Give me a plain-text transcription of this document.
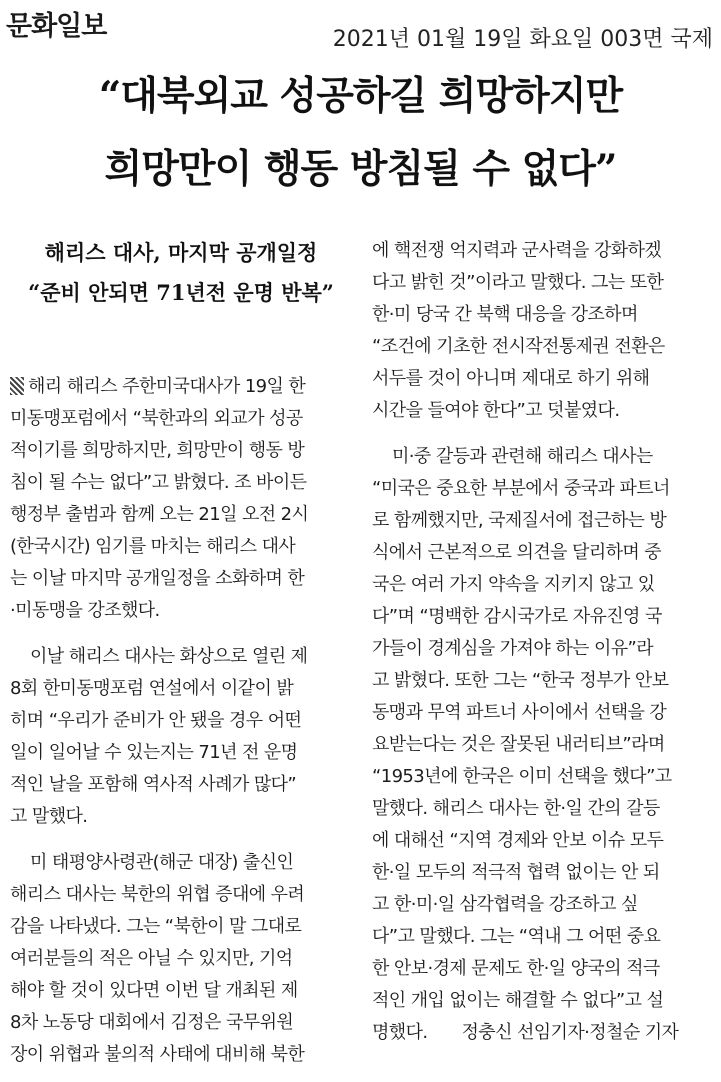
문화일보	2021년 01월 19일 화요일 003면 국제
“대북외교 성공하길 희망하지만
희망만이 행동 방침될 수 없다”
해리스 대사, 마지막 공개일정
“준비 안되면 71년전 운명 반복”
해리 해리스 주한미국대사가 19일 한
미동맹포럼에서 “북한과의 외교가 성공
적이기를 희망하지만, 희망만이 행동 방
침이 될 수는 없다”고 밝혔다. 조 바이든
행정부 출범과 함께 오는 21일 오전 2시
(한국시간) 임기를 마치는 해리스 대사
는 이날 마지막 공개일정을 소화하며 한
·미동맹을 강조했다.
이날 해리스 대사는 화상으로 열린 제
8회 한미동맹포럼 연설에서 이같이 밝
히며 “우리가 준비가 안 됐을 경우 어떤
일이 일어날 수 있는지는 71년 전 운명
적인 날을 포함해 역사적 사례가 많다”
고 말했다.
미 태평양사령관(해군 대장) 출신인
해리스 대사는 북한의 위협 증대에 우려
감을 나타냈다. 그는 “북한이 말 그대로
여러분들의 적은 아닐 수 있지만, 기억
해야 할 것이 있다면 이번 달 개최된 제
8차 노동당 대회에서 김정은 국무위원
장이 위협과 불의적 사태에 대비해 북한
에 핵전쟁 억지력과 군사력을 강화하겠
다고 밝힌 것”이라고 말했다. 그는 또한
한·미 당국 간 북핵 대응을 강조하며
“조건에 기초한 전시작전통제권 전환은
서두를 것이 아니며 제대로 하기 위해
시간을 들여야 한다”고 덧붙였다.
미·중 갈등과 관련해 해리스 대사는
“미국은 중요한 부분에서 중국과 파트너
로 함께했지만, 국제질서에 접근하는 방
식에서 근본적으로 의견을 달리하며 중
국은 여러 가지 약속을 지키지 않고 있
다”며 “명백한 감시국가로 자유진영 국
가들이 경계심을 가져야 하는 이유”라
고 밝혔다. 또한 그는 “한국 정부가 안보
동맹과 무역 파트너 사이에서 선택을 강
요받는다는 것은 잘못된 내러티브”라며
“1953년에 한국은 이미 선택을 했다”고
말했다. 해리스 대사는 한·일 간의 갈등
에 대해선 “지역 경제와 안보 이슈 모두
한·일 모두의 적극적 협력 없이는 안 되
고 한·미·일 삼각협력을 강조하고 싶
다”고 말했다. 그는 “역내 그 어떤 중요
한 안보·경제 문제도 한·일 양국의 적극
적인 개입 없이는 해결할 수 없다”고 설
명했다. 정충신 선임기자·정철순 기자
